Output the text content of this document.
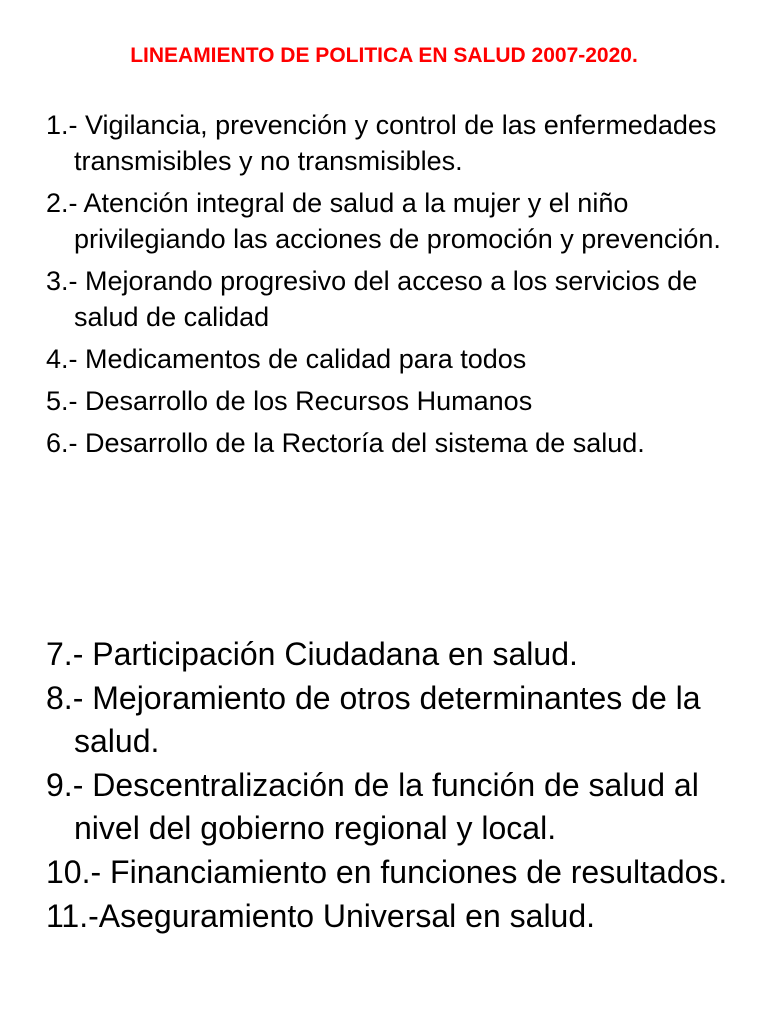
LINEAMIENTO DE POLITICA EN SALUD 2007-2020.
1.- Vigilancia, prevención y control de las enfermedades transmisibles y no transmisibles.
2.- Atención integral de salud a la mujer y el niño privilegiando las acciones de promoción y prevención.
3.- Mejorando progresivo del acceso a los servicios de salud de calidad
4.- Medicamentos de calidad para todos
5.- Desarrollo de los Recursos Humanos
6.- Desarrollo de la Rectoría del sistema de salud.
7.- Participación Ciudadana en salud.
8.- Mejoramiento de otros determinantes de la salud.
9.- Descentralización de la función de salud al nivel del gobierno regional y local.
10.- Financiamiento en funciones de resultados.
11.-Aseguramiento Universal en salud.
